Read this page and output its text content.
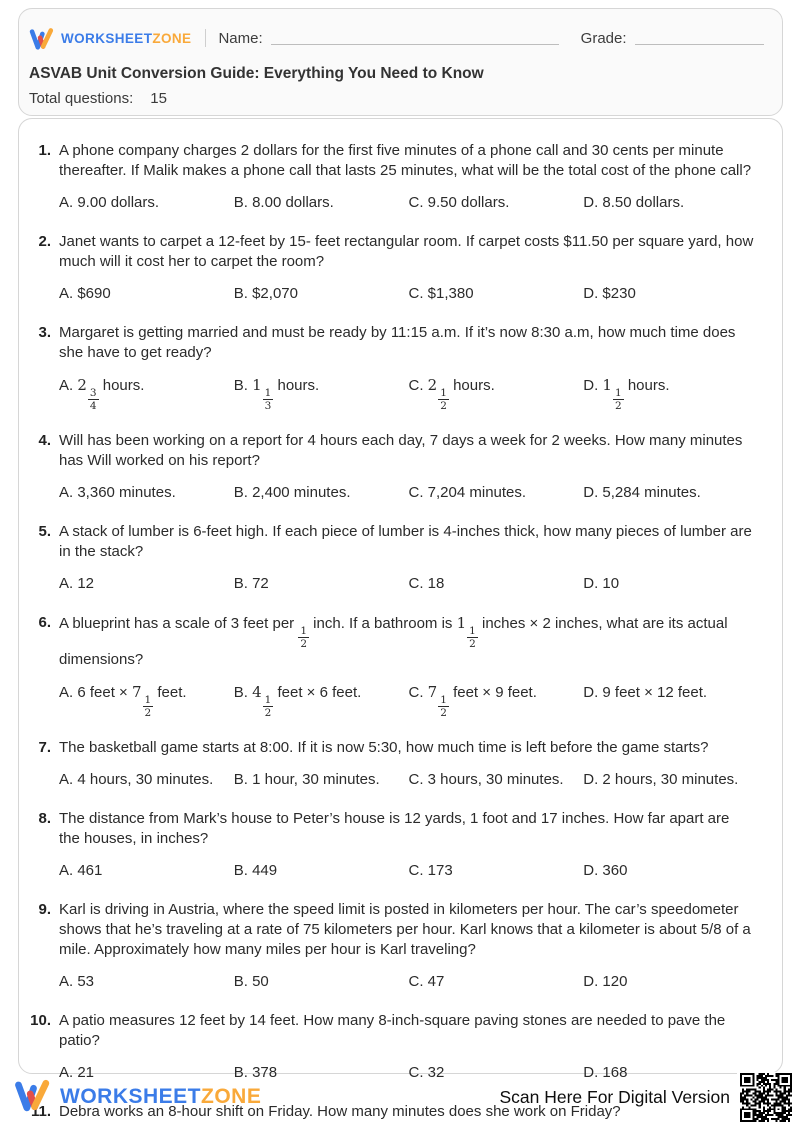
WORKSHEETZONE Name:	Grade:
ASVAB Unit Conversion Guide: Everything You Need to Know
Total questions: 15
1. A phone company charges 2 dollars for the first five minutes of a phone call and 30 cents per minute thereafter. If Malik makes a phone call that lasts 25 minutes, what will be the total cost of the phone call?
A. 9.00 dollars.	B. 8.00 dollars.	C. 9.50 dollars.	D. 8.50 dollars.
2. Janet wants to carpet a 12-feet by 15- feet rectangular room. If carpet costs $11.50 per square yard, how much will it cost her to carpet the room?
A. $690	B. $2,070	C. $1,380	D. $230
3. Margaret is getting married and must be ready by 11:15 a.m. If it’s now 8:30 a.m, how much time does she have to get ready?
A. 2
$\frac{3}{4}$
hours.	B. 1
$\frac{1}{3}$
hours.	C. 2
$\frac{1}{2}$
hours.	D. 1
$\frac{1}{2}$
hours.
4. Will has been working on a report for 4 hours each day, 7 days a week for 2 weeks. How many minutes has Will worked on his report?
A. 3,360 minutes.	B. 2,400 minutes.	C. 7,204 minutes.	D. 5,284 minutes.
5. A stack of lumber is 6-feet high. If each piece of lumber is 4-inches thick, how many pieces of lumber are in the stack?
A. 12	B. 72	C. 18	D. 10
6. A blueprint has a scale of 3 feet per
$\frac{1}{2}$
inch. If a bathroom is 1
$\frac{1}{2}$
inches × 2 inches, what are its actual dimensions?
A. 6 feet × 7
$\frac{1}{2}$
feet.	B. 4
$\frac{1}{2}$
feet × 6 feet.	C. 7
$\frac{1}{2}$
feet × 9 feet.	D. 9 feet × 12 feet.
7. The basketball game starts at 8:00. If it is now 5:30, how much time is left before the game starts?
A. 4 hours, 30 minutes.	B. 1 hour, 30 minutes.	C. 3 hours, 30 minutes.	D. 2 hours, 30 minutes.
8. The distance from Mark’s house to Peter’s house is 12 yards, 1 foot and 17 inches. How far apart are the houses, in inches?
A. 461	B. 449	C. 173	D. 360
9. Karl is driving in Austria, where the speed limit is posted in kilometers per hour. The car’s speedometer shows that he’s traveling at a rate of 75 kilometers per hour. Karl knows that a kilometer is about 5/8 of a mile. Approximately how many miles per hour is Karl traveling?
A. 53	B. 50	C. 47	D. 120
10. A patio measures 12 feet by 14 feet. How many 8-inch-square paving stones are needed to pave the patio?
A. 21	B. 378	C. 32	D. 168
11. Debra works an 8-hour shift on Friday. How many minutes does she work on Friday?
WORKSHEETZONE	Scan Here For Digital Version
